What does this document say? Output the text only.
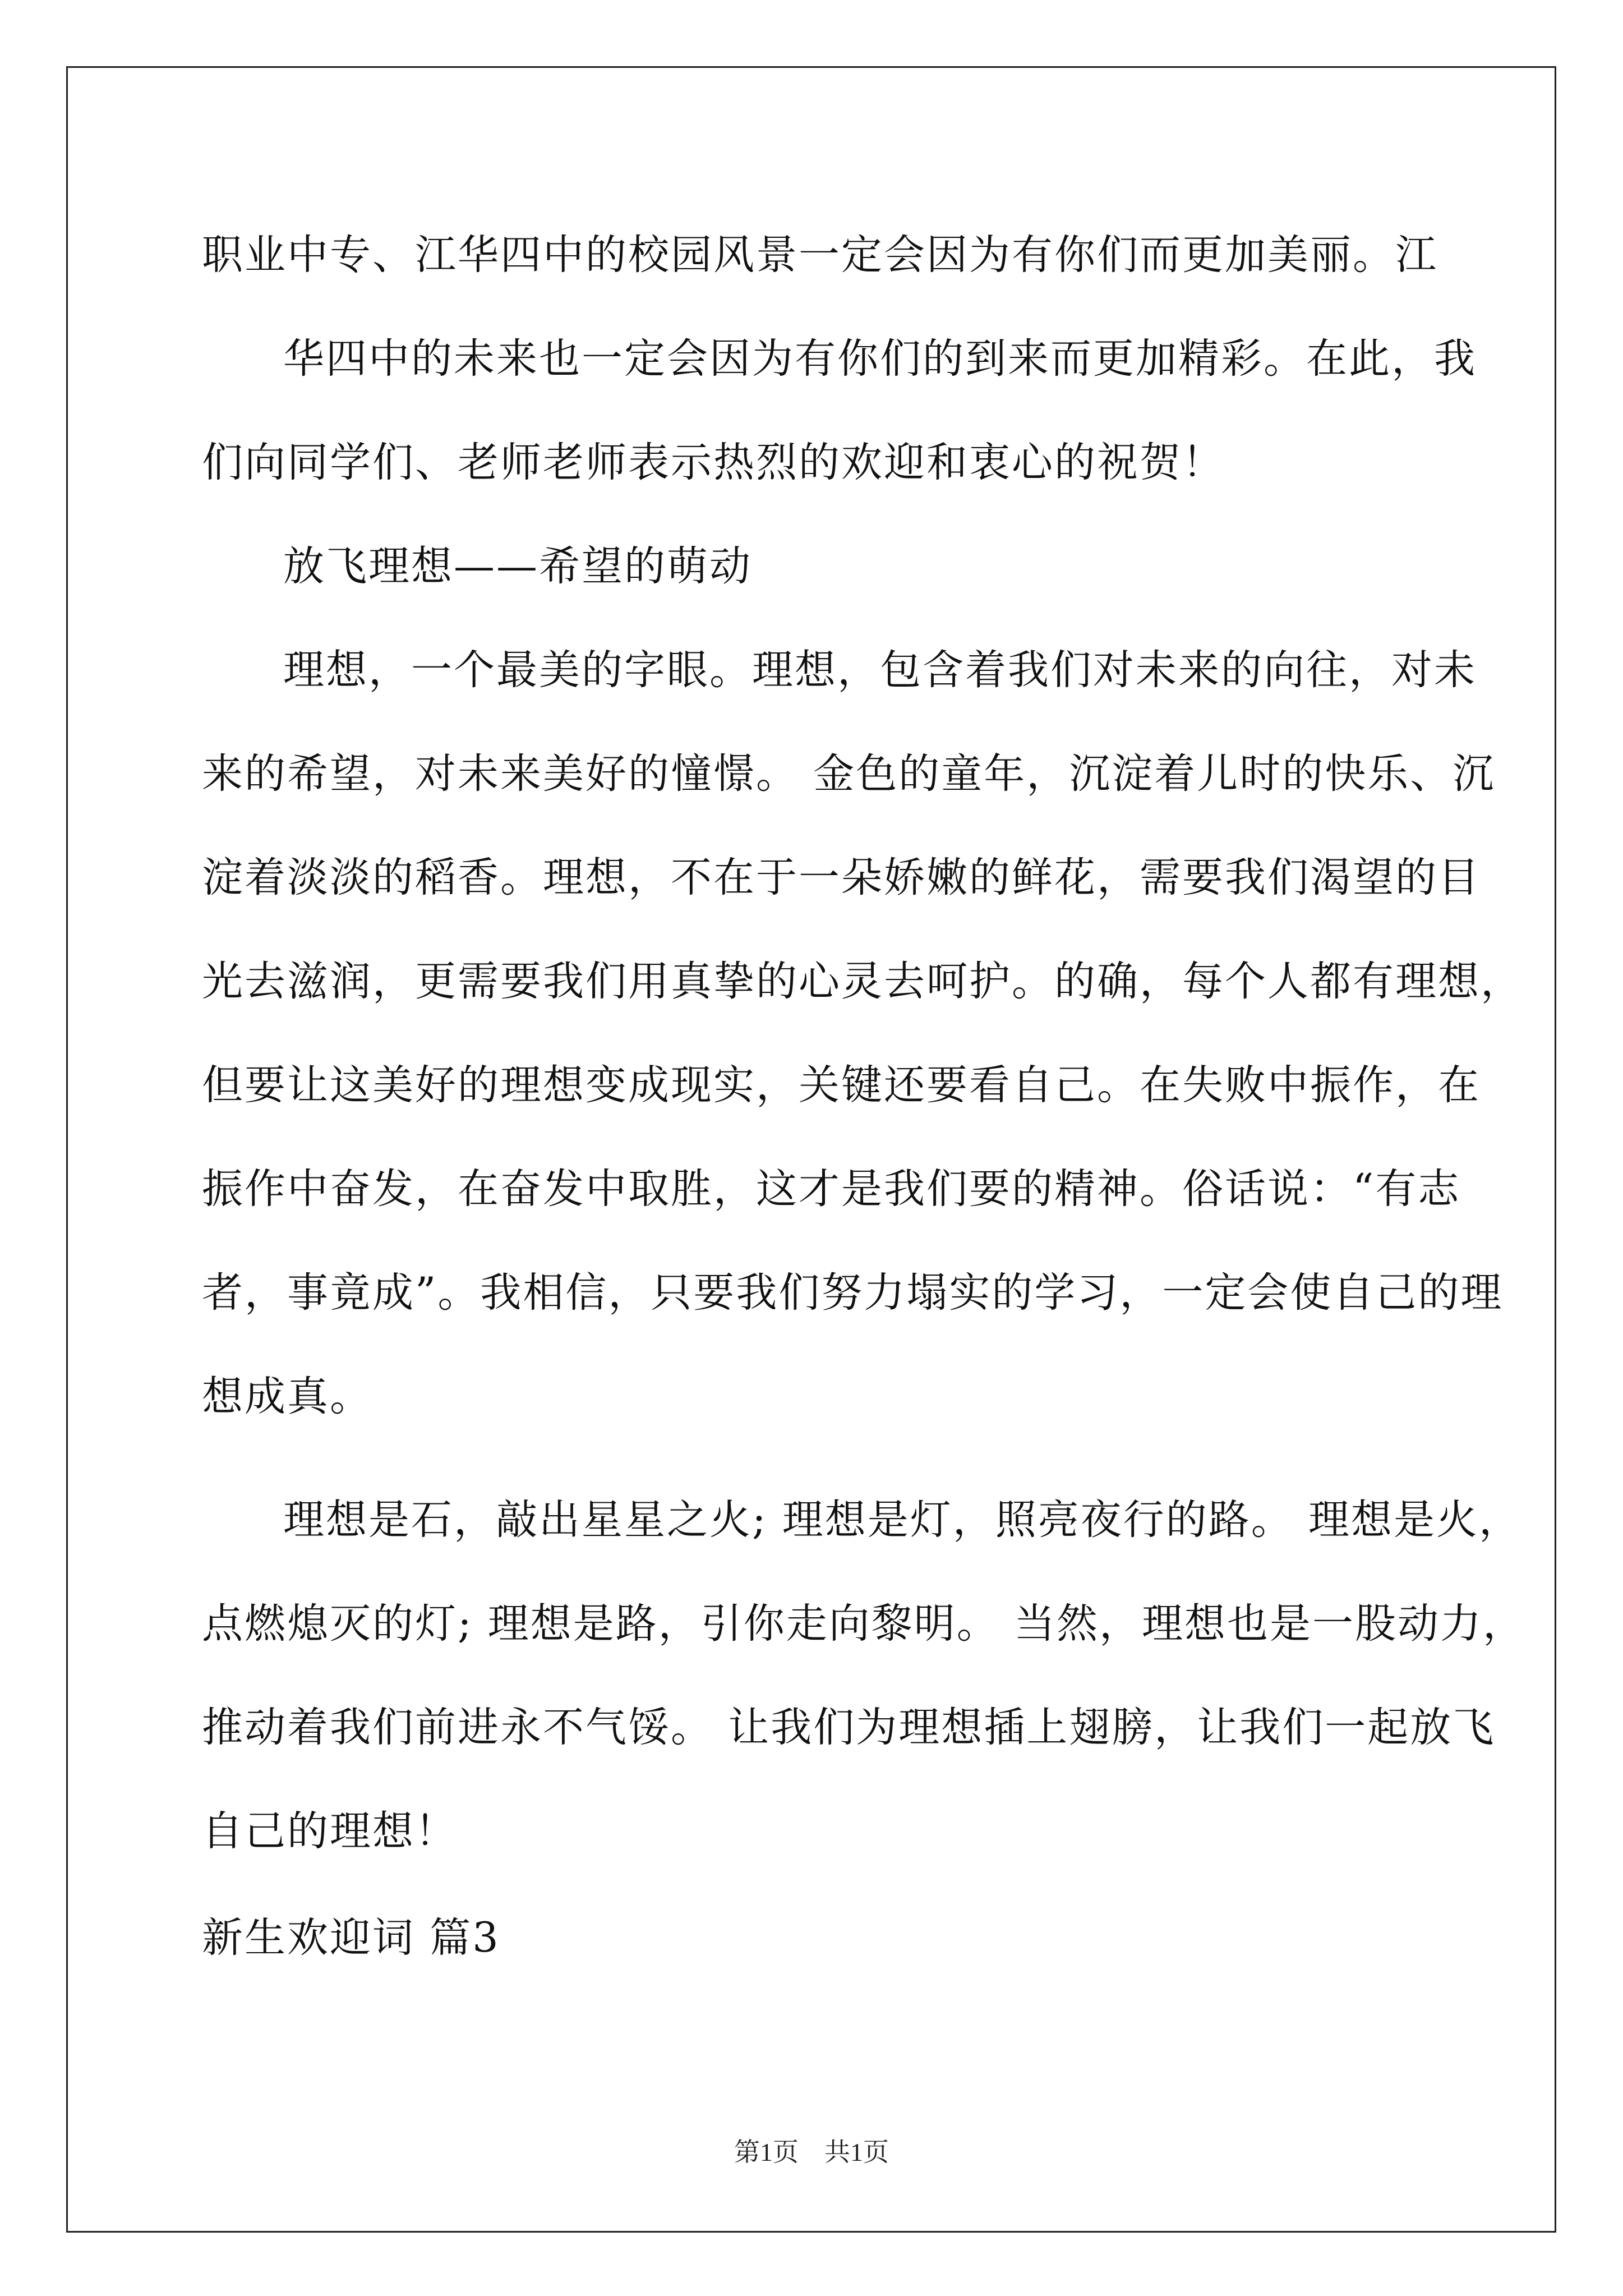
职业中专、江华四中的校园风景一定会因为有你们而更加美丽。江
华四中的未来也一定会因为有你们的到来而更加精彩。在此，我
们向同学们、老师老师表示热烈的欢迎和衷心的祝贺！
放飞理想——希望的萌动
理想，一个最美的字眼。理想，包含着我们对未来的向往，对未
来的希望，对未来美好的憧憬。 金色的童年，沉淀着儿时的快乐、沉
淀着淡淡的稻香。理想，不在于一朵娇嫩的鲜花，需要我们渴望的目
光去滋润，更需要我们用真挚的心灵去呵护。的确，每个人都有理想，
但要让这美好的理想变成现实，关键还要看自己。在失败中振作，在
振作中奋发，在奋发中取胜，这才是我们要的精神。俗话说：“有志
者，事竟成”。我相信，只要我们努力塌实的学习，一定会使自己的理
想成真。
理想是石，敲出星星之火; 理想是灯，照亮夜行的路。 理想是火，
点燃熄灭的灯; 理想是路，引你走向黎明。 当然，理想也是一股动力，
推动着我们前进永不气馁。 让我们为理想插上翅膀，让我们一起放飞
自己的理想！
新生欢迎词 篇3
第1页　共1页
